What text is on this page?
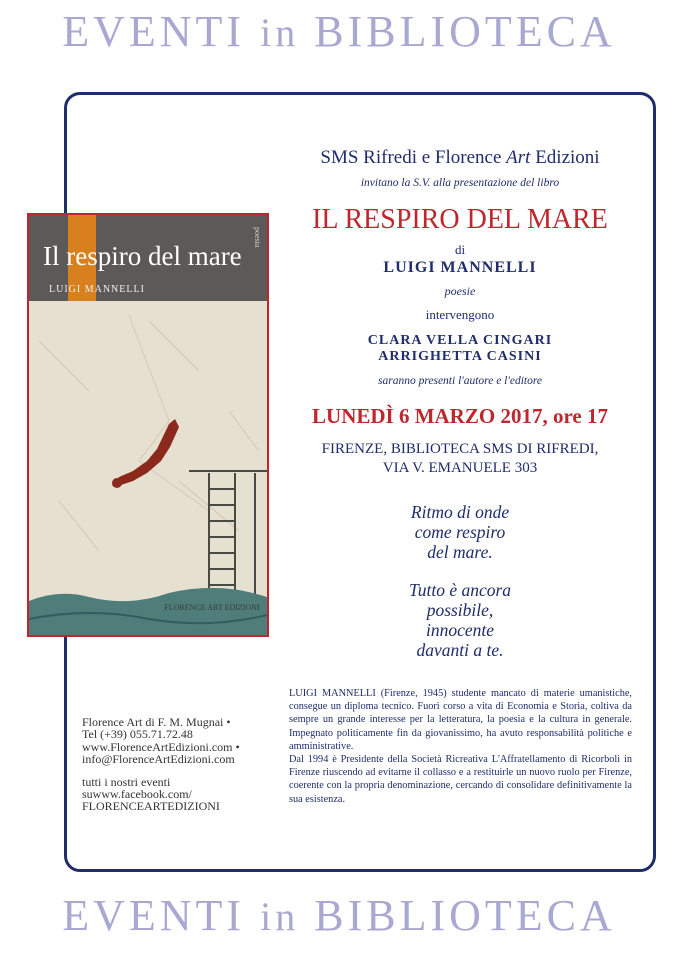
EVENTI in BIBLIOTECA
Il respiro del mare
LUIGI MANNELLI
poesia
FLORENCE ART EDIZIONI
SMS Rifredi e Florence Art Edizioni
invitano la S.V. alla presentazione del libro
IL RESPIRO DEL MARE
di
LUIGI MANNELLI
poesie
intervengono
CLARA VELLA CINGARI
ARRIGHETTA CASINI
saranno presenti l'autore e l'editore
LUNEDÌ 6 MARZO 2017, ore 17
FIRENZE, BIBLIOTECA SMS DI RIFREDI,
VIA V. EMANUELE 303
Ritmo di onde
come respiro
del mare.
Tutto è ancora
possibile,
innocente
davanti a te.

LUIGI MANNELLI (Firenze, 1945) studente mancato di materie umanistiche, consegue un diploma tecnico. Fuori corso a vita di Economia e Storia, coltiva da sempre un grande interesse per la letteratura, la poesia e la cultura in generale. Impegnato politicamente fin da giovanissimo, ha avuto responsabilità politiche e amministrative.

Dal 1994 è Presidente della Società Ricreativa L'Affratellamento di Ricorboli in Firenze riuscendo ad evitarne il collasso e a restituirle un nuovo ruolo per Firenze, coerente con la propria denominazione, cercando di consolidare definitivamente la sua esistenza.

Florence Art di F. M. Mugnai •
Tel (+39) 055.71.72.48
www.FlorenceArtEdizioni.com •
info@FlorenceArtEdizioni.com
tutti i nostri eventi
suwww.facebook.com/
FLORENCEARTEDIZIONI
EVENTI in BIBLIOTECA
